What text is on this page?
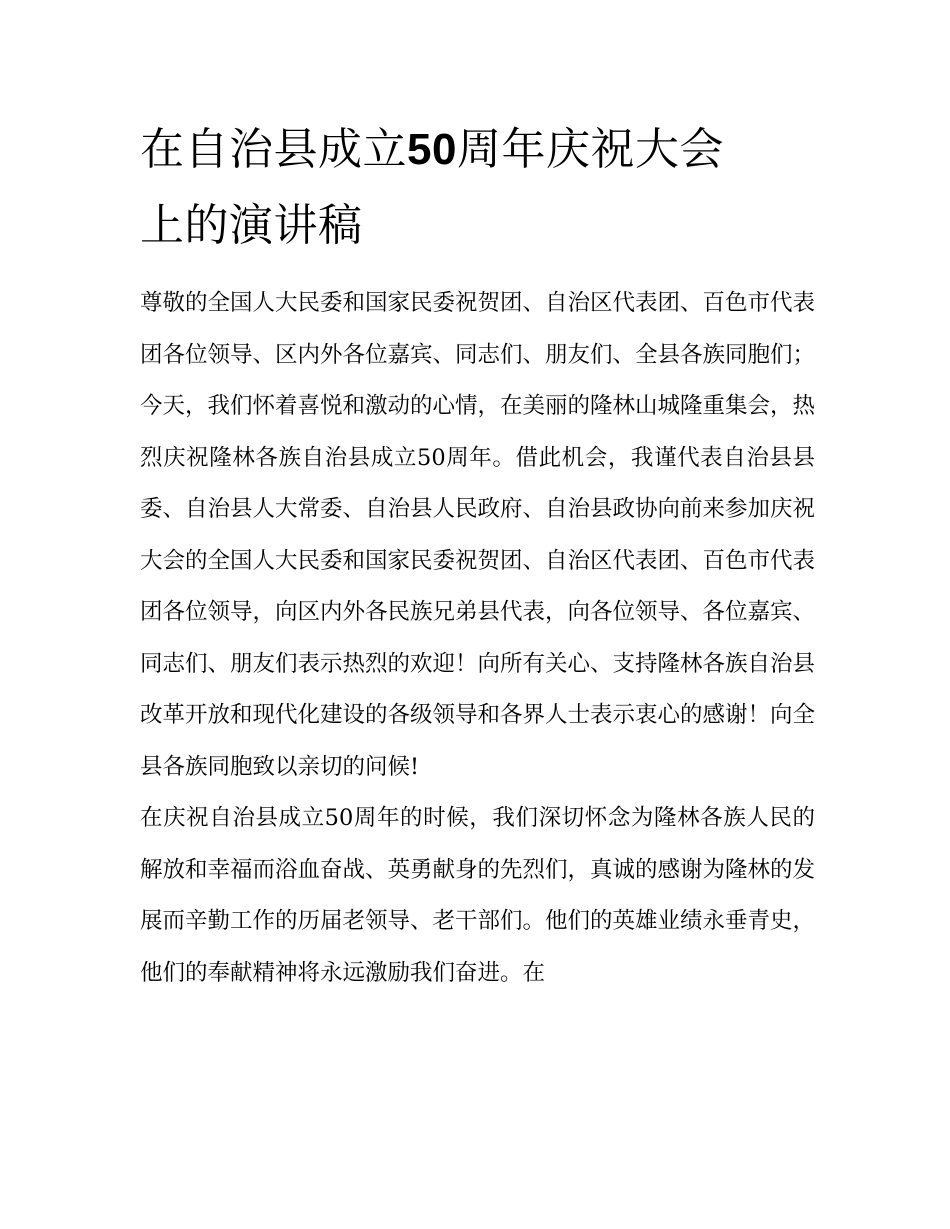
在自治县成立50周年庆祝大会
上的演讲稿

尊敬的全国人大民委和国家民委祝贺团、自治区代表团、百色市代表团各位领导、区内外各位嘉宾、同志们、朋友们、全县各族同胞们；

今天，我们怀着喜悦和激动的心情，在美丽的隆林山城隆重集会，热烈庆祝隆林各族自治县成立50周年。借此机会，我谨代表自治县县委、自治县人大常委、自治县人民政府、自治县政协向前来参加庆祝大会的全国人大民委和国家民委祝贺团、自治区代表团、百色市代表团各位领导，向区内外各民族兄弟县代表，向各位领导、各位嘉宾、同志们、朋友们表示热烈的欢迎！向所有关心、支持隆林各族自治县改革开放和现代化建设的各级领导和各界人士表示衷心的感谢！向全县各族同胞致以亲切的问候!

在庆祝自治县成立50周年的时候，我们深切怀念为隆林各族人民的解放和幸福而浴血奋战、英勇献身的先烈们，真诚的感谢为隆林的发展而辛勤工作的历届老领导、老干部们。他们的英雄业绩永垂青史，他们的奉献精神将永远激励我们奋进。在
